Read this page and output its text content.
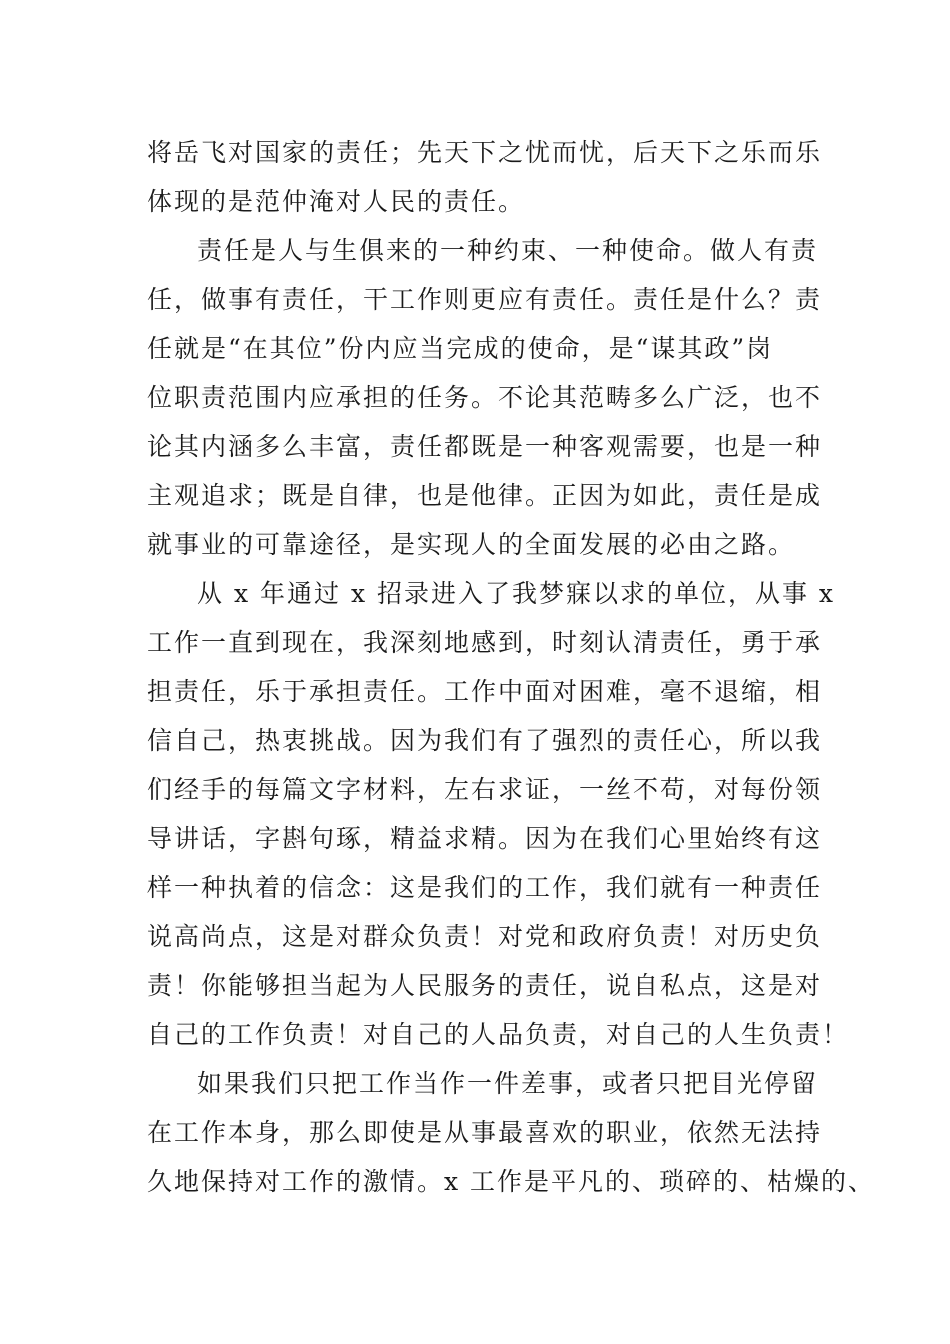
将岳飞对国家的责任；先天下之忧而忧，后天下之乐而乐
体现的是范仲淹对人民的责任。
责任是人与生俱来的一种约束、一种使命。做人有责
任，做事有责任，干工作则更应有责任。责任是什么？责
任就是“在其位”份内应当完成的使命，是“谋其政”岗
位职责范围内应承担的任务。不论其范畴多么广泛，也不
论其内涵多么丰富，责任都既是一种客观需要，也是一种
主观追求；既是自律，也是他律。正因为如此，责任是成
就事业的可靠途径，是实现人的全面发展的必由之路。
从 x 年通过 x 招录进入了我梦寐以求的单位，从事 x
工作一直到现在，我深刻地感到，时刻认清责任，勇于承
担责任，乐于承担责任。工作中面对困难，毫不退缩，相
信自己，热衷挑战。因为我们有了强烈的责任心，所以我
们经手的每篇文字材料，左右求证，一丝不苟，对每份领
导讲话，字斟句琢，精益求精。因为在我们心里始终有这
样一种执着的信念：这是我们的工作，我们就有一种责任
说高尚点，这是对群众负责！对党和政府负责！对历史负
责！你能够担当起为人民服务的责任，说自私点，这是对
自己的工作负责！对自己的人品负责，对自己的人生负责！
如果我们只把工作当作一件差事，或者只把目光停留
在工作本身，那么即使是从事最喜欢的职业，依然无法持
久地保持对工作的激情。x 工作是平凡的、琐碎的、枯燥的、
